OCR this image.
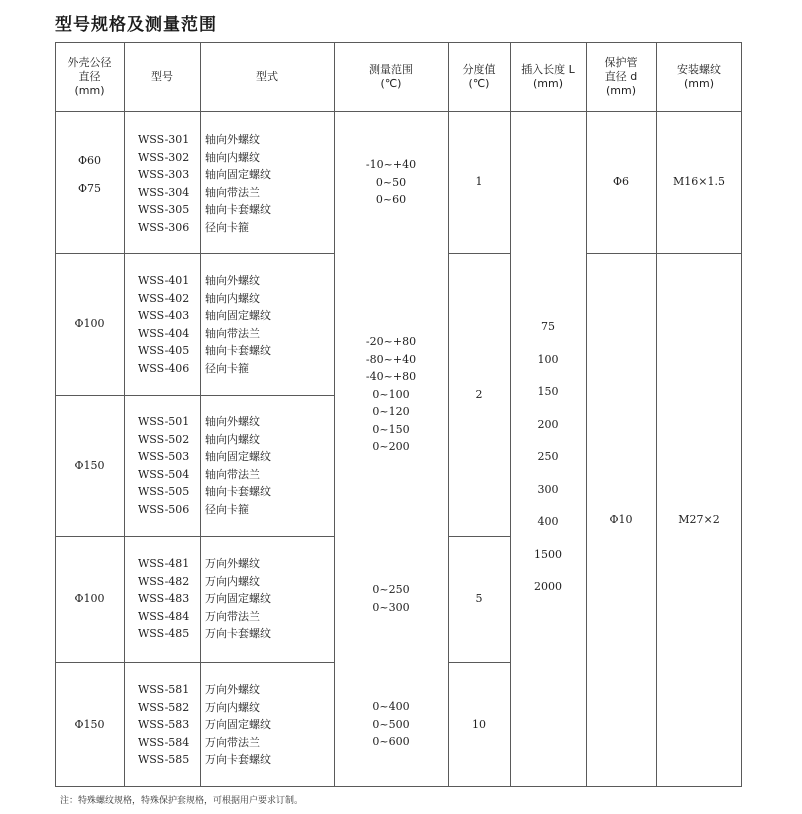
型号规格及测量范围
外壳公径
直径
(mm)
型号	型式
测量范围
(℃)
分度值
(℃)
插入长度 L
(mm)
保护管
直径 d
(mm)
安装螺纹
(mm)
Φ60
Φ75
WSS-301
WSS-302
WSS-303
WSS-304
WSS-305
WSS-306
轴向外螺纹
轴向内螺纹
轴向固定螺纹
轴向带法兰
轴向卡套螺纹
径向卡箍
Φ100
WSS-401
WSS-402
WSS-403
WSS-404
WSS-405
WSS-406
轴向外螺纹
轴向内螺纹
轴向固定螺纹
轴向带法兰
轴向卡套螺纹
径向卡箍
Φ150
WSS-501
WSS-502
WSS-503
WSS-504
WSS-505
WSS-506
轴向外螺纹
轴向内螺纹
轴向固定螺纹
轴向带法兰
轴向卡套螺纹
径向卡箍
Φ100
WSS-481
WSS-482
WSS-483
WSS-484
WSS-485
万向外螺纹
万向内螺纹
万向固定螺纹
万向带法兰
万向卡套螺纹
Φ150
WSS-581
WSS-582
WSS-583
WSS-584
WSS-585
万向外螺纹
万向内螺纹
万向固定螺纹
万向带法兰
万向卡套螺纹
-10~+40
0~50
0~60
-20~+80
-80~+40
-40~+80
0~100
0~120
0~150
0~200
0~250
0~300
0~400
0~500
0~600
1
2
5
10
75
100
150
200
250
300
400
1500
2000
Φ6
Φ10
M16×1.5
M27×2
注：特殊螺纹规格，特殊保护套规格，可根据用户要求订制。
